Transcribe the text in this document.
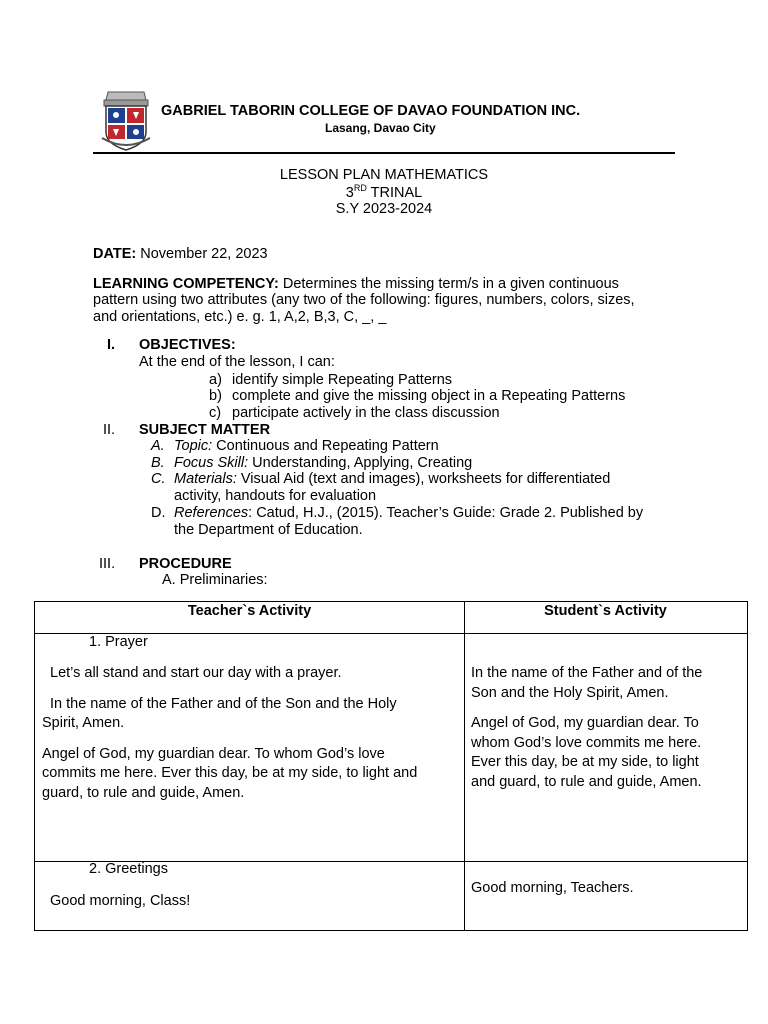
GABRIEL TABORIN COLLEGE OF DAVAO FOUNDATION INC.
Lasang, Davao City
LESSON PLAN MATHEMATICS
3RD TRINAL
S.Y 2023-2024
DATE: November 22, 2023
LEARNING COMPETENCY: Determines the missing term/s in a given continuous
pattern using two attributes (any two of the following: figures, numbers, colors, sizes,
and orientations, etc.) e. g. 1, A,2, B,3, C, _, _
I. OBJECTIVES:
At the end of the lesson, I can:
a) identify simple Repeating Patterns
b) complete and give the missing object in a Repeating Patterns
c) participate actively in the class discussion
II. SUBJECT MATTER
A. Topic: Continuous and Repeating Pattern
B. Focus Skill: Understanding, Applying, Creating
C. Materials: Visual Aid (text and images), worksheets for differentiated
activity, handouts for evaluation
D. References: Catud, H.J., (2015). Teacher’s Guide: Grade 2. Published by
the Department of Education.
III. PROCEDURE
A. Preliminaries:
Teacher`s Activity	Student`s Activity
1. Prayer

Let’s all stand and start our day with a prayer.

In the name of the Father and of the Son and the Holy
Spirit, Amen.

Angel of God, my guardian dear. To whom God’s love
commits me here. Ever this day, be at my side, to light and
guard, to rule and guide, Amen.

In the name of the Father and of the
Son and the Holy Spirit, Amen.

Angel of God, my guardian dear. To
whom God’s love commits me here.
Ever this day, be at my side, to light
and guard, to rule and guide, Amen.

2. Greetings
Good morning, Class!
Good morning, Teachers.
